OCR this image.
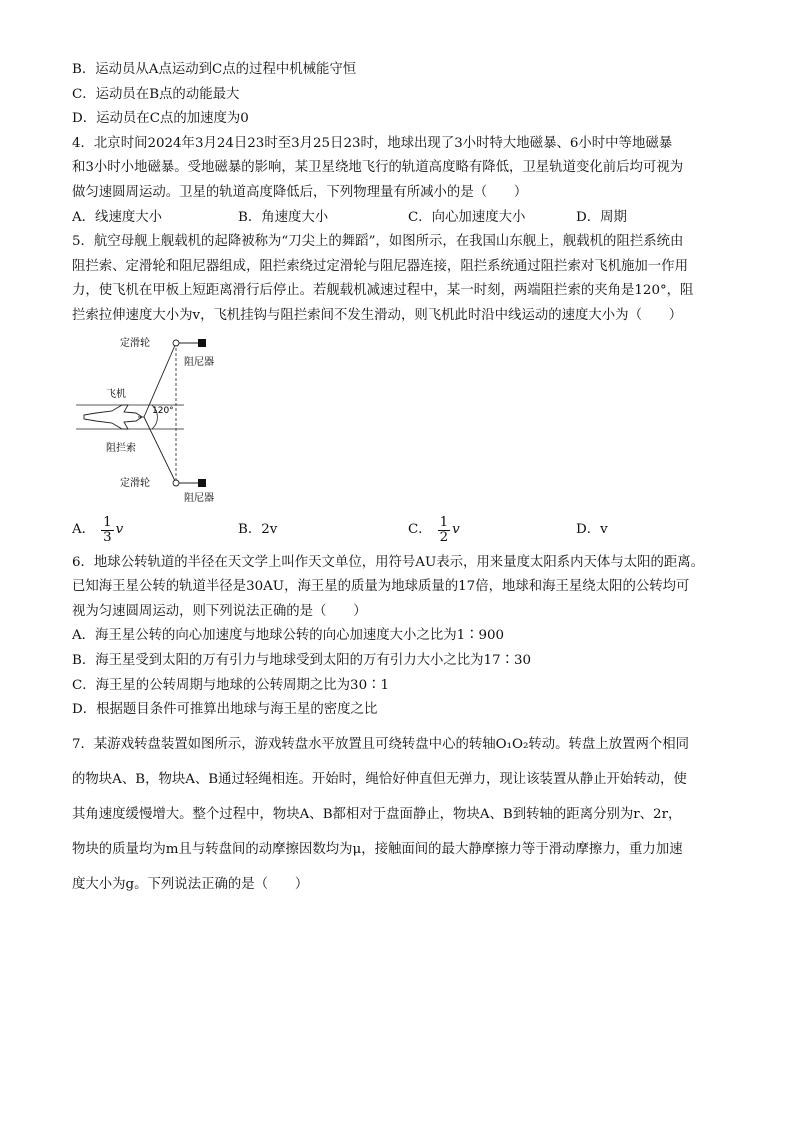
B．运动员从A点运动到C点的过程中机械能守恒
C．运动员在B点的动能最大
D．运动员在C点的加速度为0
4．北京时间2024年3月24日23时至3月25日23时，地球出现了3小时特大地磁暴、6小时中等地磁暴
和3小时小地磁暴。受地磁暴的影响，某卫星绕地飞行的轨道高度略有降低，卫星轨道变化前后均可视为
做匀速圆周运动。卫星的轨道高度降低后，下列物理量有所减小的是（　　）
A．线速度大小	B．角速度大小	C．向心加速度大小	D．周期
5．航空母舰上舰载机的起降被称为“刀尖上的舞蹈”，如图所示，在我国山东舰上，舰载机的阻拦系统由
阻拦索、定滑轮和阻尼器组成，阻拦索绕过定滑轮与阻尼器连接，阻拦系统通过阻拦索对飞机施加一作用
力，使飞机在甲板上短距离滑行后停止。若舰载机减速过程中，某一时刻，两端阻拦索的夹角是120°，阻
拦索拉伸速度大小为v，飞机挂钩与阻拦索间不发生滑动，则飞机此时沿中线运动的速度大小为（　　）
定滑轮
阻尼器
飞机
120°
阻拦索
定滑轮
阻尼器
A． $\frac{1}{3}$ v	B．2v	C． $\frac{1}{2}$ v	D．v
6．地球公转轨道的半径在天文学上叫作天文单位，用符号AU表示，用来量度太阳系内天体与太阳的距离。
已知海王星公转的轨道半径是30AU，海王星的质量为地球质量的17倍，地球和海王星绕太阳的公转均可
视为匀速圆周运动，则下列说法正确的是（　　）
A．海王星公转的向心加速度与地球公转的向心加速度大小之比为1∶900
B．海王星受到太阳的万有引力与地球受到太阳的万有引力大小之比为17∶30
C．海王星的公转周期与地球的公转周期之比为30∶1
D．根据题目条件可推算出地球与海王星的密度之比
7．某游戏转盘装置如图所示，游戏转盘水平放置且可绕转盘中心的转轴O₁O₂转动。转盘上放置两个相同
的物块A、B，物块A、B通过轻绳相连。开始时，绳恰好伸直但无弹力，现让该装置从静止开始转动，使
其角速度缓慢增大。整个过程中，物块A、B都相对于盘面静止，物块A、B到转轴的距离分别为r、2r，
物块的质量均为m且与转盘间的动摩擦因数均为μ，接触面间的最大静摩擦力等于滑动摩擦力，重力加速
度大小为g。下列说法正确的是（　　）
